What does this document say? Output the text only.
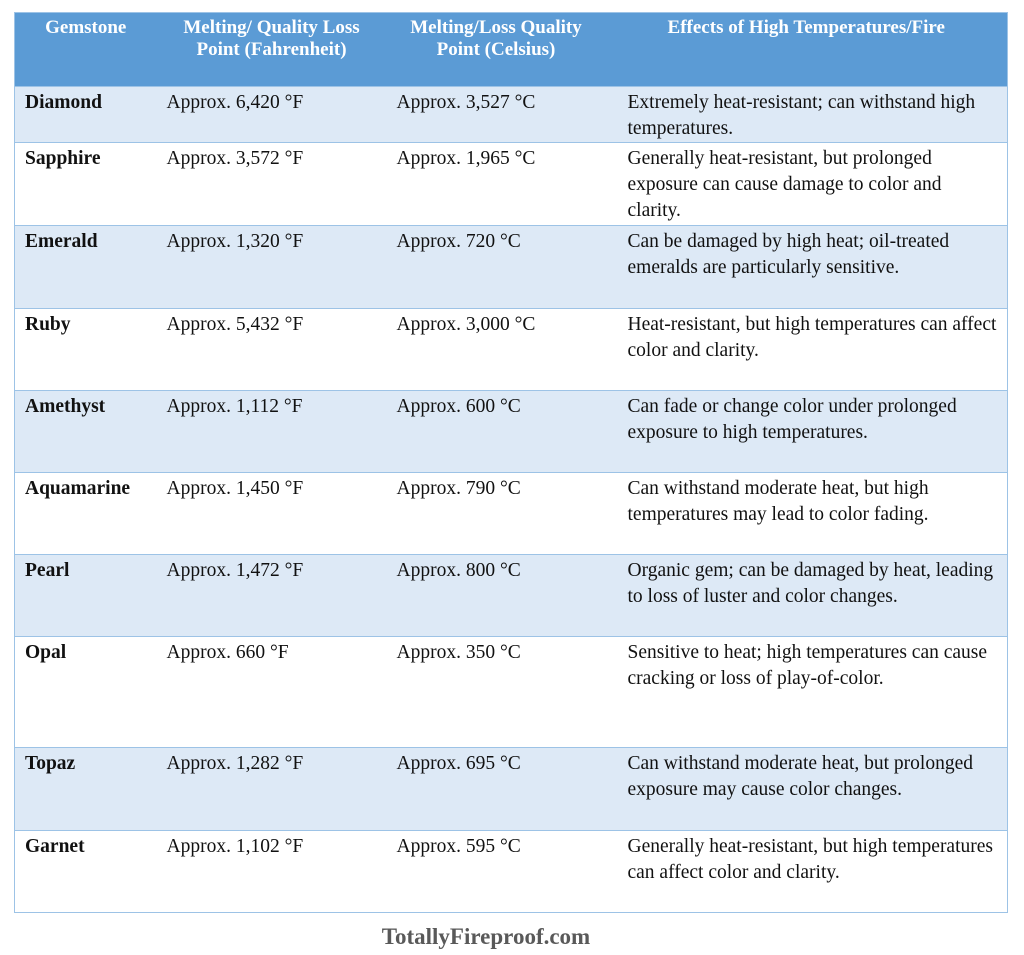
Gemstone	Melting/ Quality Loss Point (Fahrenheit)	Melting/Loss Quality Point (Celsius)	Effects of High Temperatures/Fire
Diamond	Approx. 6,420 °F	Approx. 3,527 °C	Extremely heat-resistant; can withstand high temperatures.
Sapphire	Approx. 3,572 °F	Approx. 1,965 °C	Generally heat-resistant, but prolonged exposure can cause damage to color and clarity.
Emerald	Approx. 1,320 °F	Approx. 720 °C	Can be damaged by high heat; oil-treated emeralds are particularly sensitive.
Ruby	Approx. 5,432 °F	Approx. 3,000 °C	Heat-resistant, but high temperatures can affect color and clarity.
Amethyst	Approx. 1,112 °F	Approx. 600 °C	Can fade or change color under prolonged exposure to high temperatures.
Aquamarine	Approx. 1,450 °F	Approx. 790 °C	Can withstand moderate heat, but high temperatures may lead to color fading.
Pearl	Approx. 1,472 °F	Approx. 800 °C	Organic gem; can be damaged by heat, leading to loss of luster and color changes.
Opal	Approx. 660 °F	Approx. 350 °C	Sensitive to heat; high temperatures can cause cracking or loss of play-of-color.
Topaz	Approx. 1,282 °F	Approx. 695 °C	Can withstand moderate heat, but prolonged exposure may cause color changes.
Garnet	Approx. 1,102 °F	Approx. 595 °C	Generally heat-resistant, but high temperatures can affect color and clarity.
TotallyFireproof.com
